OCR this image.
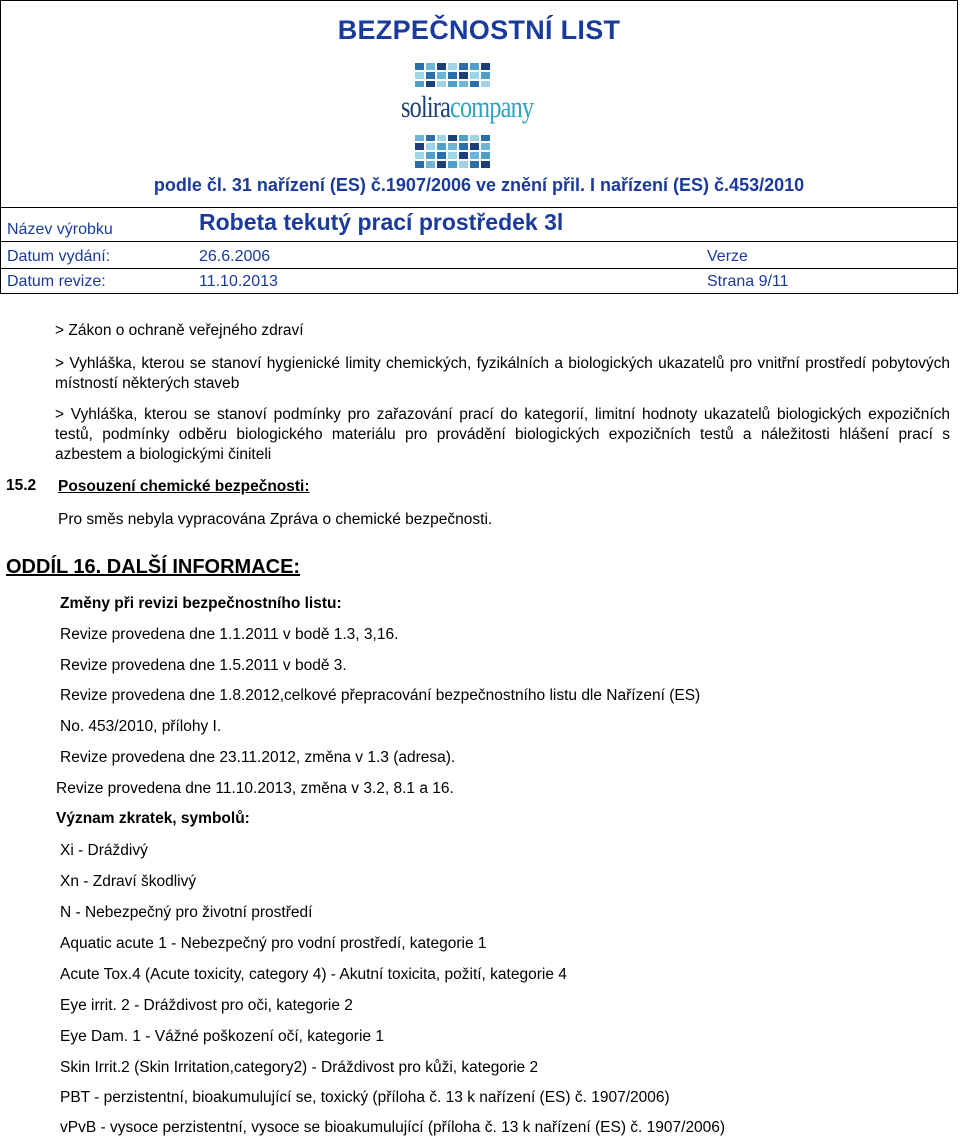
BEZPEČNOSTNÍ LIST
soliracompany
podle čl. 31 nařízení (ES) č.1907/2006 ve znění přil. I nařízení (ES) č.453/2010
Název výrobku	Robeta tekutý prací prostředek 3l
Datum vydání:	26.6.2006	Verze
Datum revize:	11.10.2013	Strana 9/11

> Zákon o ochraně veřejného zdraví

> Vyhláška, kterou se stanoví hygienické limity chemických, fyzikálních a biologických ukazatelů pro vnitřní prostředí pobytových místností některých staveb

> Vyhláška, kterou se stanoví podmínky pro zařazování prací do kategorií, limitní hodnoty ukazatelů biologických expozičních testů, podmínky odběru biologického materiálu pro provádění biologických expozičních testů a náležitosti hlášení prací s azbestem a biologickými činiteli

15.2 Posouzení chemické bezpečnosti:

Pro směs nebyla vypracována Zpráva o chemické bezpečnosti.

ODDÍL 16. DALŠÍ INFORMACE:

Změny při revizi bezpečnostního listu:

Revize provedena dne 1.1.2011 v bodě 1.3, 3,16.

Revize provedena dne 1.5.2011 v bodě 3.

Revize provedena dne 1.8.2012,celkové přepracování bezpečnostního listu dle Nařízení (ES)

No. 453/2010, přílohy I.

Revize provedena dne 23.11.2012, změna v 1.3 (adresa).

Revize provedena dne 11.10.2013, změna v 3.2, 8.1 a 16.

Význam zkratek, symbolů:

Xi - Dráždivý

Xn - Zdraví škodlivý

N - Nebezpečný pro životní prostředí

Aquatic acute 1 - Nebezpečný pro vodní prostředí, kategorie 1

Acute Tox.4 (Acute toxicity, category 4) - Akutní toxicita, požití, kategorie 4

Eye irrit. 2 - Dráždivost pro oči, kategorie 2

Eye Dam. 1 - Vážné poškození očí, kategorie 1

Skin Irrit.2 (Skin Irritation,category2) - Dráždivost pro kůži, kategorie 2

PBT - perzistentní, bioakumulující se, toxický (příloha č. 13 k nařízení (ES) č. 1907/2006)

vPvB - vysoce perzistentní, vysoce se bioakumulující (příloha č. 13 k nařízení (ES) č. 1907/2006)
